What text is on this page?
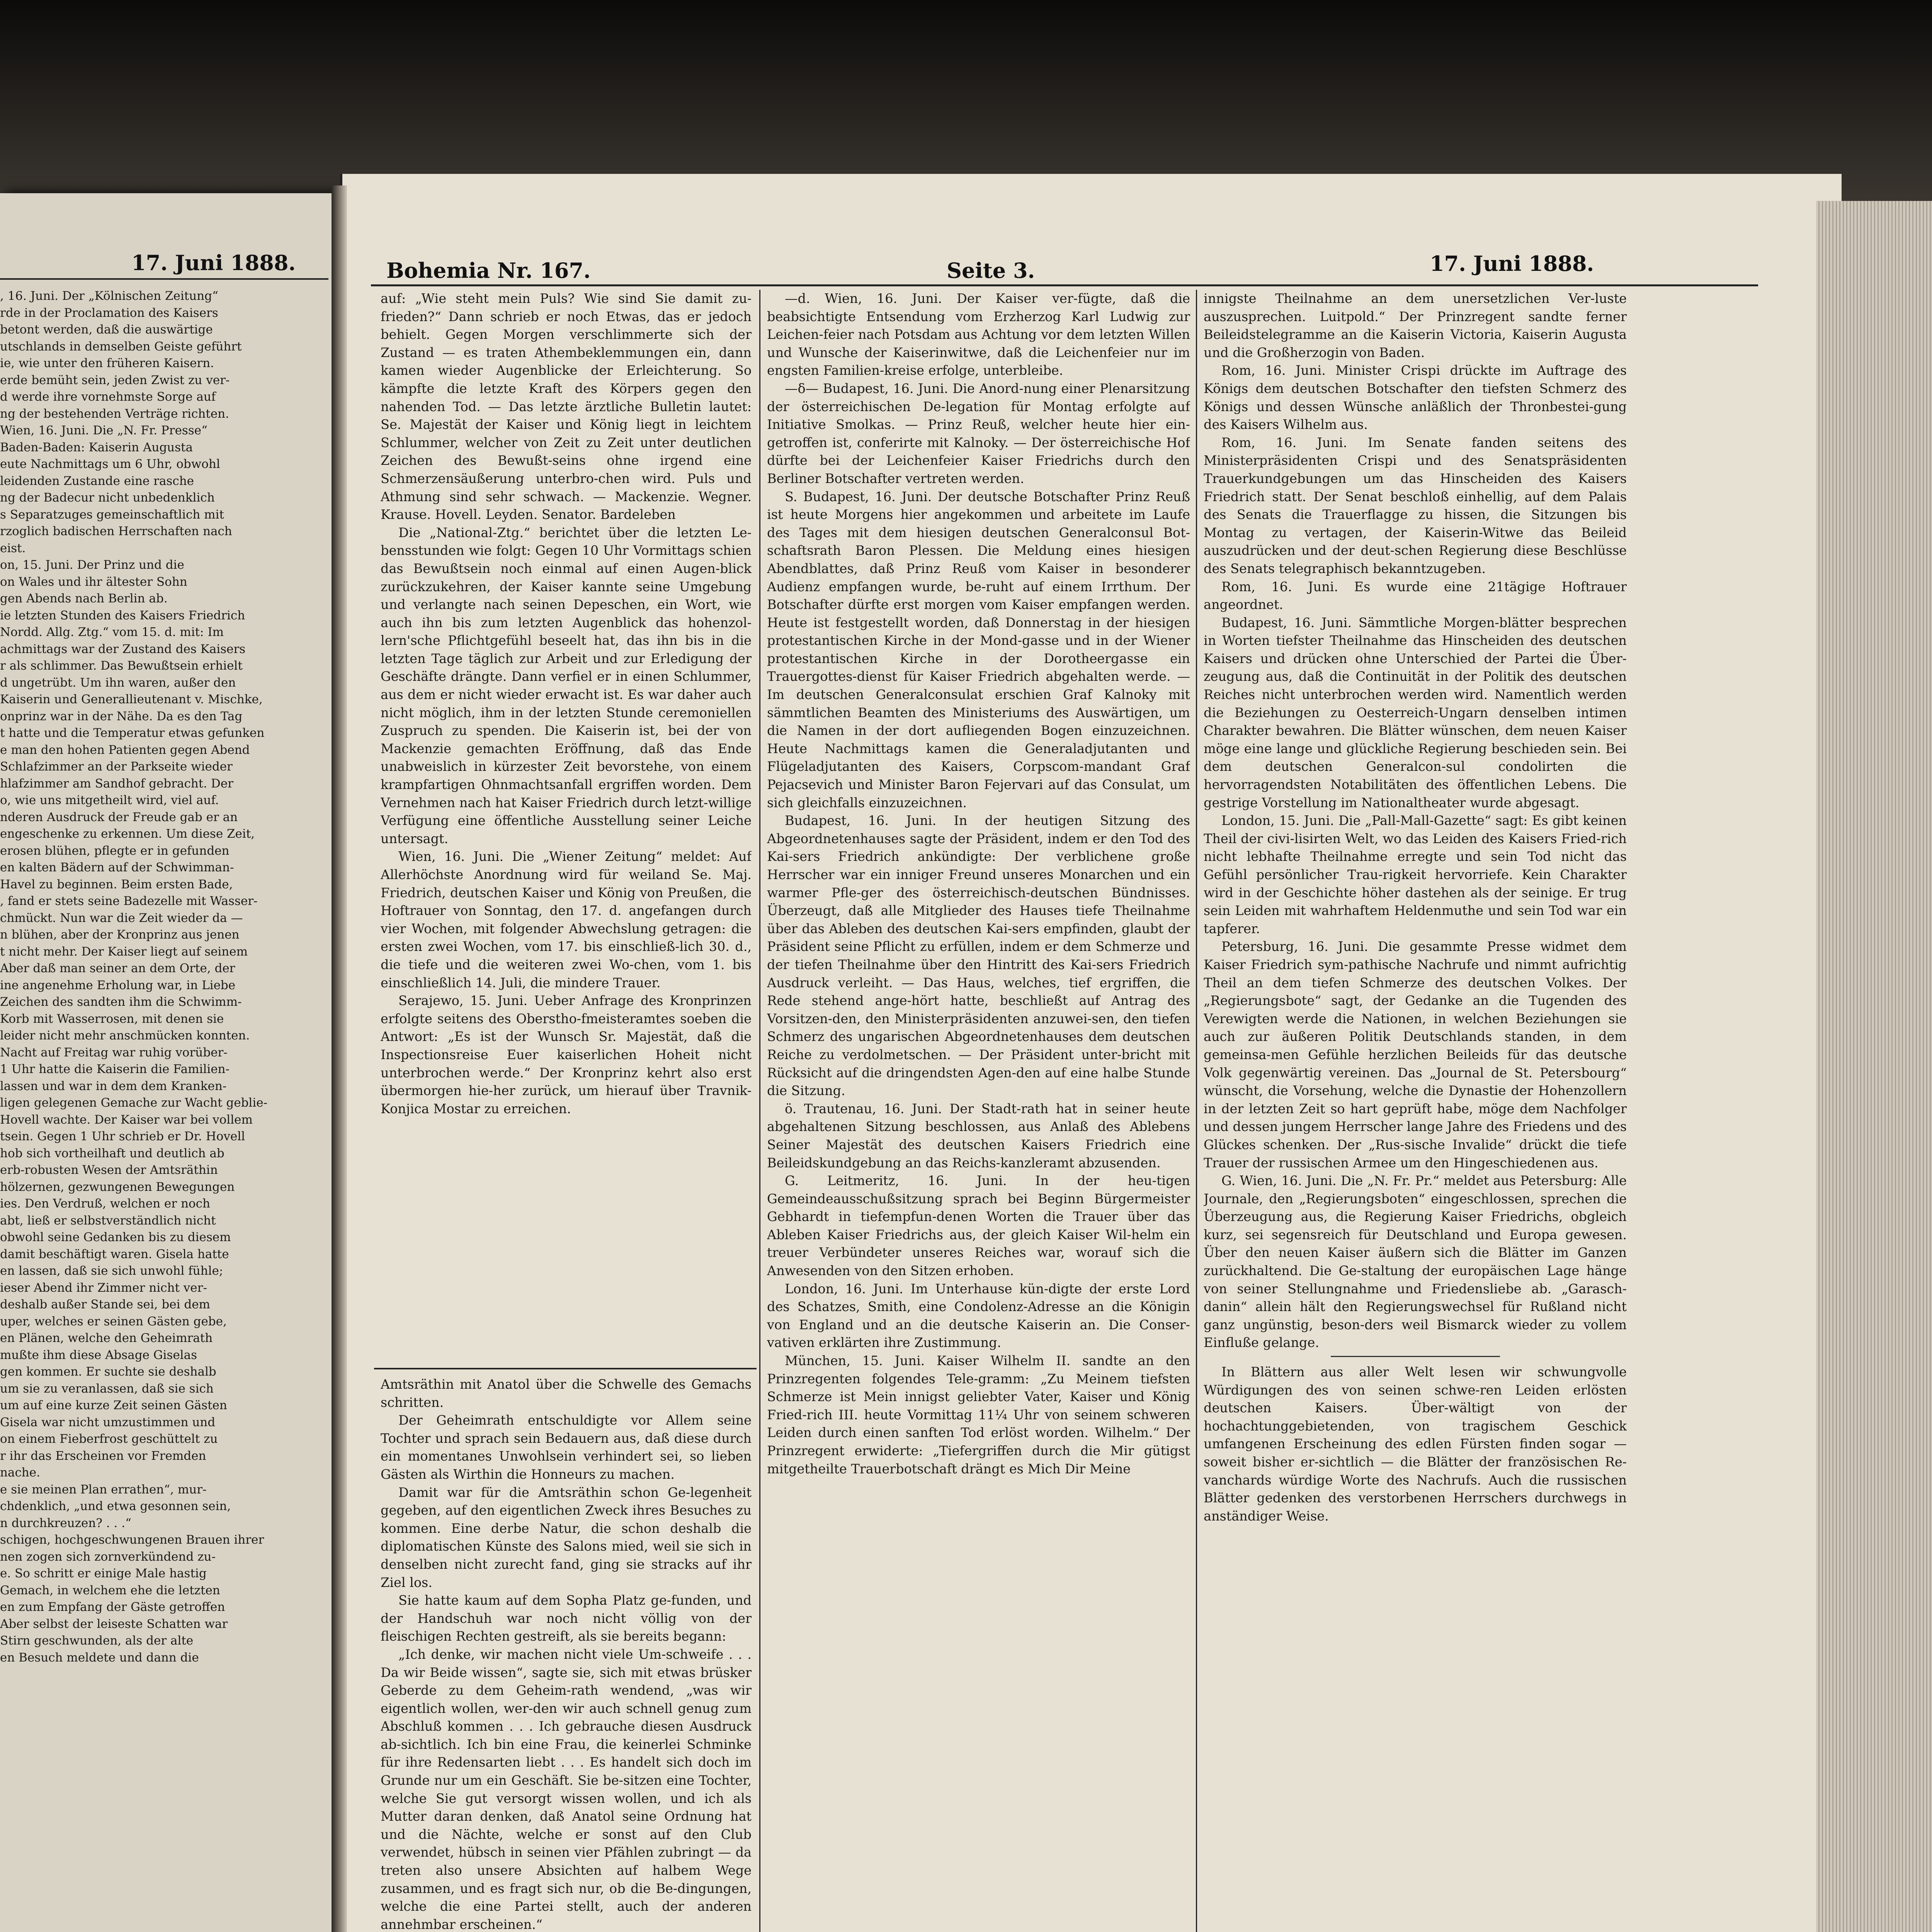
17. Juni 1888.	Bohemia Nr. 167.	Seite 3.	17. Juni 1888.

, 16. Juni. Der „Kölnischen Zeitung“

rde in der Proclamation des Kaisers

betont werden, daß die auswärtige

utschlands in demselben Geiste geführt

ie, wie unter den früheren Kaisern.

erde bemüht sein, jeden Zwist zu ver-

d werde ihre vornehmste Sorge auf

ng der bestehenden Verträge richten.

Wien, 16. Juni. Die „N. Fr. Presse“

Baden-Baden: Kaiserin Augusta

eute Nachmittags um 6 Uhr, obwohl

leidenden Zustande eine rasche

ng der Badecur nicht unbedenklich

s Separatzuges gemeinschaftlich mit

rzoglich badischen Herrschaften nach

eist.

on, 15. Juni. Der Prinz und die

on Wales und ihr ältester Sohn

gen Abends nach Berlin ab.

ie letzten Stunden des Kaisers Friedrich

Nordd. Allg. Ztg.“ vom 15. d. mit: Im

achmittags war der Zustand des Kaisers

r als schlimmer. Das Bewußtsein erhielt

d ungetrübt. Um ihn waren, außer den

Kaiserin und Generallieutenant v. Mischke,

onprinz war in der Nähe. Da es den Tag

t hatte und die Temperatur etwas gefunken

e man den hohen Patienten gegen Abend

Schlafzimmer an der Parkseite wieder

hlafzimmer am Sandhof gebracht. Der

o, wie uns mitgetheilt wird, viel auf.

nderen Ausdruck der Freude gab er an

engeschenke zu erkennen. Um diese Zeit,

erosen blühen, pflegte er in gefunden

en kalten Bädern auf der Schwimman-

Havel zu beginnen. Beim ersten Bade,

, fand er stets seine Badezelle mit Wasser-

chmückt. Nun war die Zeit wieder da —

n blühen, aber der Kronprinz aus jenen

t nicht mehr. Der Kaiser liegt auf seinem

Aber daß man seiner an dem Orte, der

ine angenehme Erholung war, in Liebe

Zeichen des sandten ihm die Schwimm-

Korb mit Wasserrosen, mit denen sie

leider nicht mehr anschmücken konnten.

Nacht auf Freitag war ruhig vorüber-

1 Uhr hatte die Kaiserin die Familien-

lassen und war in dem dem Kranken-

ligen gelegenen Gemache zur Wacht geblie-

Hovell wachte. Der Kaiser war bei vollem

tsein. Gegen 1 Uhr schrieb er Dr. Hovell

hob sich vortheilhaft und deutlich ab

erb-robusten Wesen der Amtsräthin

hölzernen, gezwungenen Bewegungen

ies. Den Verdruß, welchen er noch

abt, ließ er selbstverständlich nicht

obwohl seine Gedanken bis zu diesem

damit beschäftigt waren. Gisela hatte

en lassen, daß sie sich unwohl fühle;

ieser Abend ihr Zimmer nicht ver-

deshalb außer Stande sei, bei dem

uper, welches er seinen Gästen gebe,

en Plänen, welche den Geheimrath

mußte ihm diese Absage Giselas

gen kommen. Er suchte sie deshalb

um sie zu veranlassen, daß sie sich

um auf eine kurze Zeit seinen Gästen

Gisela war nicht umzustimmen und

on einem Fieberfrost geschüttelt zu

r ihr das Erscheinen vor Fremden

nache.

e sie meinen Plan errathen“, mur-

chdenklich, „und etwa gesonnen sein,

n durchkreuzen? . . .“

schigen, hochgeschwungenen Brauen ihrer

nen zogen sich zornverkündend zu-

e. So schritt er einige Male hastig

Gemach, in welchem ehe die letzten

en zum Empfang der Gäste getroffen

Aber selbst der leiseste Schatten war

Stirn geschwunden, als der alte

en Besuch meldete und dann die

auf: „Wie steht mein Puls? Wie sind Sie damit zu-frieden?“ Dann schrieb er noch Etwas, das er jedoch behielt. Gegen Morgen verschlimmerte sich der Zustand — es traten Athembeklemmungen ein, dann kamen wieder Augenblicke der Erleichterung. So kämpfte die letzte Kraft des Körpers gegen den nahenden Tod. — Das letzte ärztliche Bulletin lautet: Se. Majestät der Kaiser und König liegt in leichtem Schlummer, welcher von Zeit zu Zeit unter deutlichen Zeichen des Bewußt-seins ohne irgend eine Schmerzensäußerung unterbro-chen wird. Puls und Athmung sind sehr schwach. — Mackenzie. Wegner. Krause. Hovell. Leyden. Senator. Bardeleben

Die „National-Ztg.“ berichtet über die letzten Le-bensstunden wie folgt: Gegen 10 Uhr Vormittags schien das Bewußtsein noch einmal auf einen Augen-blick zurückzukehren, der Kaiser kannte seine Umgebung und verlangte nach seinen Depeschen, ein Wort, wie auch ihn bis zum letzten Augenblick das hohenzol-lern'sche Pflichtgefühl beseelt hat, das ihn bis in die letzten Tage täglich zur Arbeit und zur Erledigung der Geschäfte drängte. Dann verfiel er in einen Schlummer, aus dem er nicht wieder erwacht ist. Es war daher auch nicht möglich, ihm in der letzten Stunde ceremoniellen Zuspruch zu spenden. Die Kaiserin ist, bei der von Mackenzie gemachten Eröffnung, daß das Ende unabweislich in kürzester Zeit bevorstehe, von einem krampfartigen Ohnmachtsanfall ergriffen worden. Dem Vernehmen nach hat Kaiser Friedrich durch letzt-willige Verfügung eine öffentliche Ausstellung seiner Leiche untersagt.

Wien, 16. Juni. Die „Wiener Zeitung“ meldet: Auf Allerhöchste Anordnung wird für weiland Se. Maj. Friedrich, deutschen Kaiser und König von Preußen, die Hoftrauer von Sonntag, den 17. d. angefangen durch vier Wochen, mit folgender Abwechslung getragen: die ersten zwei Wochen, vom 17. bis einschließ-lich 30. d., die tiefe und die weiteren zwei Wo-chen, vom 1. bis einschließlich 14. Juli, die mindere Trauer.

Serajewo, 15. Juni. Ueber Anfrage des Kronprinzen erfolgte seitens des Oberstho-fmeisteramtes soeben die Antwort: „Es ist der Wunsch Sr. Majestät, daß die Inspectionsreise Euer kaiserlichen Hoheit nicht unterbrochen werde.“ Der Kronprinz kehrt also erst übermorgen hie-her zurück, um hierauf über Travnik-Konjica Mostar zu erreichen.

Amtsräthin mit Anatol über die Schwelle des Gemachs schritten.

Der Geheimrath entschuldigte vor Allem seine Tochter und sprach sein Bedauern aus, daß diese durch ein momentanes Unwohlsein verhindert sei, so lieben Gästen als Wirthin die Honneurs zu machen.

Damit war für die Amtsräthin schon Ge-legenheit gegeben, auf den eigentlichen Zweck ihres Besuches zu kommen. Eine derbe Natur, die schon deshalb die diplomatischen Künste des Salons mied, weil sie sich in denselben nicht zurecht fand, ging sie stracks auf ihr Ziel los.

Sie hatte kaum auf dem Sopha Platz ge-funden, und der Handschuh war noch nicht völlig von der fleischigen Rechten gestreift, als sie bereits begann:

„Ich denke, wir machen nicht viele Um-schweife . . . Da wir Beide wissen“, sagte sie, sich mit etwas brüsker Geberde zu dem Geheim-rath wendend, „was wir eigentlich wollen, wer-den wir auch schnell genug zum Abschluß kommen . . . Ich gebrauche diesen Ausdruck ab-sichtlich. Ich bin eine Frau, die keinerlei Schminke für ihre Redensarten liebt . . . Es handelt sich doch im Grunde nur um ein Geschäft. Sie be-sitzen eine Tochter, welche Sie gut versorgt wissen wollen, und ich als Mutter daran denken, daß Anatol seine Ordnung hat und die Nächte, welche er sonst auf den Club verwendet, hübsch in seinen vier Pfählen zubringt — da treten also unsere Absichten auf halbem Wege zusammen, und es fragt sich nur, ob die Be-dingungen, welche die eine Partei stellt, auch der anderen annehmbar erscheinen.“

—d. Wien, 16. Juni. Der Kaiser ver-fügte, daß die beabsichtigte Entsendung vom Erzherzog Karl Ludwig zur Leichen-feier nach Potsdam aus Achtung vor dem letzten Willen und Wunsche der Kaiserinwitwe, daß die Leichenfeier nur im engsten Familien-kreise erfolge, unterbleibe.

—δ— Budapest, 16. Juni. Die Anord-nung einer Plenarsitzung der österreichischen De-legation für Montag erfolgte auf Initiative Smolkas. — Prinz Reuß, welcher heute hier ein-getroffen ist, conferirte mit Kalnoky. — Der österreichische Hof dürfte bei der Leichenfeier Kaiser Friedrichs durch den Berliner Botschafter vertreten werden.

S. Budapest, 16. Juni. Der deutsche Botschafter Prinz Reuß ist heute Morgens hier angekommen und arbeitete im Laufe des Tages mit dem hiesigen deutschen Generalconsul Bot-schaftsrath Baron Plessen. Die Meldung eines hiesigen Abendblattes, daß Prinz Reuß vom Kaiser in besonderer Audienz empfangen wurde, be-ruht auf einem Irrthum. Der Botschafter dürfte erst morgen vom Kaiser empfangen werden. Heute ist festgestellt worden, daß Donnerstag in der hiesigen protestantischen Kirche in der Mond-gasse und in der Wiener protestantischen Kirche in der Dorotheergasse ein Trauergottes-dienst für Kaiser Friedrich abgehalten werde. — Im deutschen Generalconsulat erschien Graf Kalnoky mit sämmtlichen Beamten des Ministeriums des Auswärtigen, um die Namen in der dort aufliegenden Bogen einzuzeichnen. Heute Nachmittags kamen die Generaladjutanten und Flügeladjutanten des Kaisers, Corpscom-mandant Graf Pejacsevich und Minister Baron Fejervari auf das Consulat, um sich gleichfalls einzuzeichnen.

Budapest, 16. Juni. In der heutigen Sitzung des Abgeordnetenhauses sagte der Präsident, indem er den Tod des Kai-sers Friedrich ankündigte: Der verblichene große Herrscher war ein inniger Freund unseres Monarchen und ein warmer Pfle-ger des österreichisch-deutschen Bündnisses. Überzeugt, daß alle Mitglieder des Hauses tiefe Theilnahme über das Ableben des deutschen Kai-sers empfinden, glaubt der Präsident seine Pflicht zu erfüllen, indem er dem Schmerze und der tiefen Theilnahme über den Hintritt des Kai-sers Friedrich Ausdruck verleiht. — Das Haus, welches, tief ergriffen, die Rede stehend ange-hört hatte, beschließt auf Antrag des Vorsitzen-den, den Ministerpräsidenten anzuwei-sen, den tiefen Schmerz des ungarischen Abgeordnetenhauses dem deutschen Reiche zu verdolmetschen. — Der Präsident unter-bricht mit Rücksicht auf die dringendsten Agen-den auf eine halbe Stunde die Sitzung.

ö. Trautenau, 16. Juni. Der Stadt-rath hat in seiner heute abgehaltenen Sitzung beschlossen, aus Anlaß des Ablebens Seiner Majestät des deutschen Kaisers Friedrich eine Beileidskundgebung an das Reichs-kanzleramt abzusenden.

G. Leitmeritz, 16. Juni. In der heu-tigen Gemeindeausschußsitzung sprach bei Beginn Bürgermeister Gebhardt in tiefempfun-denen Worten die Trauer über das Ableben Kaiser Friedrichs aus, der gleich Kaiser Wil-helm ein treuer Verbündeter unseres Reiches war, worauf sich die Anwesenden von den Sitzen erhoben.

London, 16. Juni. Im Unterhause kün-digte der erste Lord des Schatzes, Smith, eine Condolenz-Adresse an die Königin von England und an die deutsche Kaiserin an. Die Conser-vativen erklärten ihre Zustimmung.

München, 15. Juni. Kaiser Wilhelm II. sandte an den Prinzregenten folgendes Tele-gramm: „Zu Meinem tiefsten Schmerze ist Mein innigst geliebter Vater, Kaiser und König Fried-rich III. heute Vormittag 11¼ Uhr von seinem schweren Leiden durch einen sanften Tod erlöst worden. Wilhelm.“ Der Prinzregent erwiderte: „Tiefergriffen durch die Mir gütigst mitgetheilte Trauerbotschaft drängt es Mich Dir Meine

innigste Theilnahme an dem unersetzlichen Ver-luste auszusprechen. Luitpold.“ Der Prinzregent sandte ferner Beileidstelegramme an die Kaiserin Victoria, Kaiserin Augusta und die Großherzogin von Baden.

Rom, 16. Juni. Minister Crispi drückte im Auftrage des Königs dem deutschen Botschafter den tiefsten Schmerz des Königs und dessen Wünsche anläßlich der Thronbestei-gung des Kaisers Wilhelm aus.

Rom, 16. Juni. Im Senate fanden seitens des Ministerpräsidenten Crispi und des Senatspräsidenten Trauerkundgebungen um das Hinscheiden des Kaisers Friedrich statt. Der Senat beschloß einhellig, auf dem Palais des Senats die Trauerflagge zu hissen, die Sitzungen bis Montag zu vertagen, der Kaiserin-Witwe das Beileid auszudrücken und der deut-schen Regierung diese Beschlüsse des Senats telegraphisch bekanntzugeben.

Rom, 16. Juni. Es wurde eine 21tägige Hoftrauer angeordnet.

Budapest, 16. Juni. Sämmtliche Morgen-blätter besprechen in Worten tiefster Theilnahme das Hinscheiden des deutschen Kaisers und drücken ohne Unterschied der Partei die Über-zeugung aus, daß die Continuität in der Politik des deutschen Reiches nicht unterbrochen werden wird. Namentlich werden die Beziehungen zu Oesterreich-Ungarn denselben intimen Charakter bewahren. Die Blätter wünschen, dem neuen Kaiser möge eine lange und glückliche Regierung beschieden sein. Bei dem deutschen Generalcon-sul condolirten die hervorragendsten Notabilitäten des öffentlichen Lebens. Die gestrige Vorstellung im Nationaltheater wurde abgesagt.

London, 15. Juni. Die „Pall-Mall-Gazette“ sagt: Es gibt keinen Theil der civi-lisirten Welt, wo das Leiden des Kaisers Fried-rich nicht lebhafte Theilnahme erregte und sein Tod nicht das Gefühl persönlicher Trau-rigkeit hervorriefe. Kein Charakter wird in der Geschichte höher dastehen als der seinige. Er trug sein Leiden mit wahrhaftem Heldenmuthe und sein Tod war ein tapferer.

Petersburg, 16. Juni. Die gesammte Presse widmet dem Kaiser Friedrich sym-pathische Nachrufe und nimmt aufrichtig Theil an dem tiefen Schmerze des deutschen Volkes. Der „Regierungsbote“ sagt, der Gedanke an die Tugenden des Verewigten werde die Nationen, in welchen Beziehungen sie auch zur äußeren Politik Deutschlands standen, in dem gemeinsa-men Gefühle herzlichen Beileids für das deutsche Volk gegenwärtig vereinen. Das „Journal de St. Petersbourg“ wünscht, die Vorsehung, welche die Dynastie der Hohenzollern in der letzten Zeit so hart geprüft habe, möge dem Nachfolger und dessen jungem Herrscher lange Jahre des Friedens und des Glückes schenken. Der „Rus-sische Invalide“ drückt die tiefe Trauer der russischen Armee um den Hingeschiedenen aus.

G. Wien, 16. Juni. Die „N. Fr. Pr.“ meldet aus Petersburg: Alle Journale, den „Regierungsboten“ eingeschlossen, sprechen die Überzeugung aus, die Regierung Kaiser Friedrichs, obgleich kurz, sei segensreich für Deutschland und Europa gewesen. Über den neuen Kaiser äußern sich die Blätter im Ganzen zurückhaltend. Die Ge-staltung der europäischen Lage hänge von seiner Stellungnahme und Friedensliebe ab. „Garasch-danin“ allein hält den Regierungswechsel für Rußland nicht ganz ungünstig, beson-ders weil Bismarck wieder zu vollem Einfluße gelange.

In Blättern aus aller Welt lesen wir schwungvolle Würdigungen des von seinen schwe-ren Leiden erlösten deutschen Kaisers. Über-wältigt von der hochachtunggebietenden, von tragischem Geschick umfangenen Erscheinung des edlen Fürsten finden sogar — soweit bisher er-sichtlich — die Blätter der französischen Re-vanchards würdige Worte des Nachrufs. Auch die russischen Blätter gedenken des verstorbenen Herrschers durchwegs in anständiger Weise.
